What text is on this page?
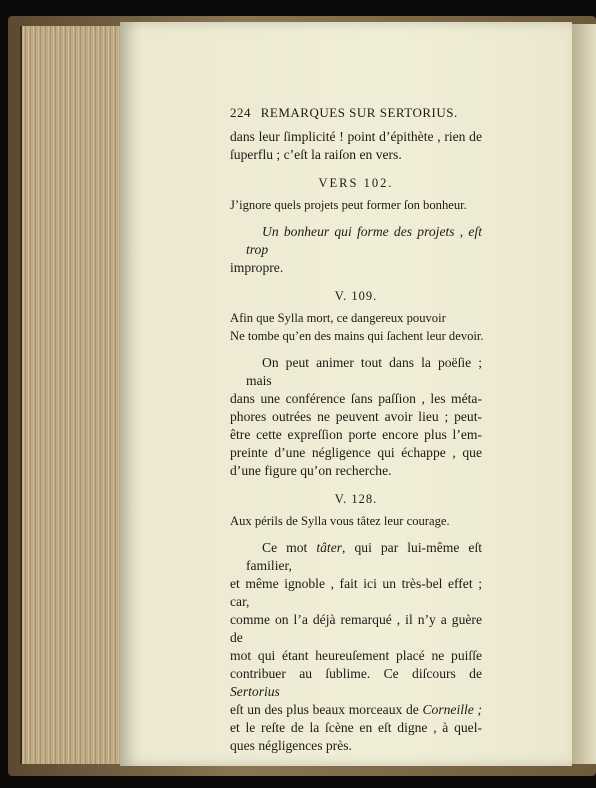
224 REMARQUES SUR SERTORIUS.
dans leur ſimplicité ! point d’épithète , rien de
ſuperflu ; c’eſt la raiſon en vers.
VERS 102.
J’ignore quels projets peut former ſon bonheur.
Un bonheur qui forme des projets , eſt trop
impropre.
V. 109.
Afin que Sylla mort, ce dangereux pouvoir
Ne tombe qu’en des mains qui ſachent leur devoir.
On peut animer tout dans la poëſie ; mais
dans une conférence ſans paſſion , les méta-
phores outrées ne peuvent avoir lieu ; peut-
être cette expreſſion porte encore plus l’em-
preinte d’une négligence qui échappe , que
d’une figure qu’on recherche.
V. 128.
Aux périls de Sylla vous tâtez leur courage.
Ce mot tâter, qui par lui-même eſt familier,
et même ignoble , fait ici un très-bel effet ; car,
comme on l’a déjà remarqué , il n’y a guère de
mot qui étant heureuſement placé ne puiſſe
contribuer au ſublime. Ce diſcours de Sertorius
eſt un des plus beaux morceaux de Corneille ;
et le reſte de la ſcène en eſt digne , à quel-
ques négligences près.
